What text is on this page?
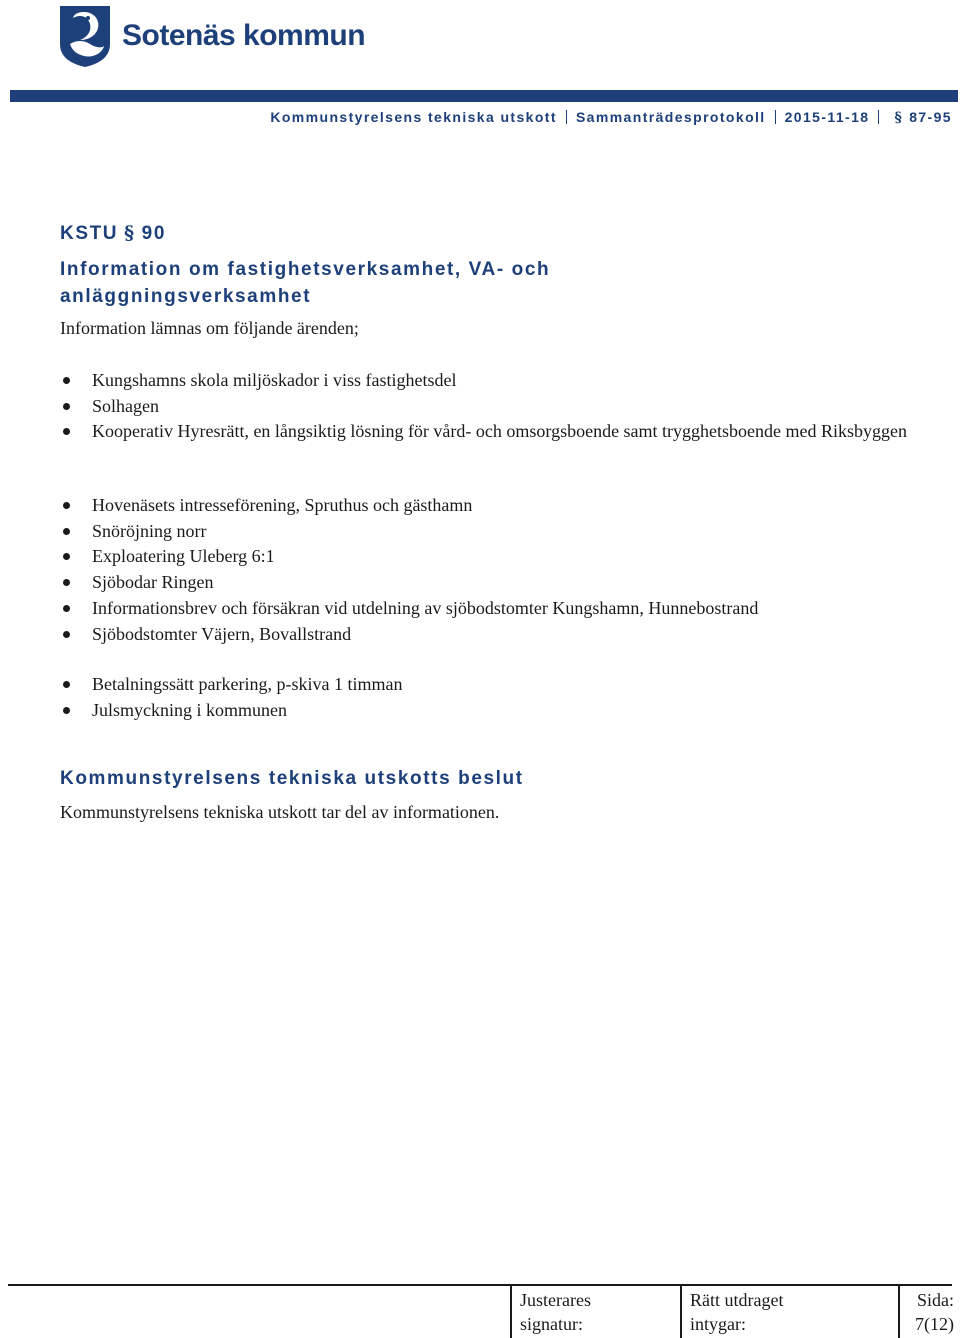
Sotenäs kommun
Kommunstyrelsens tekniska utskott Sammanträdesprotokoll 2015-11-18 § 87-95
KSTU § 90
Information om fastighetsverksamhet, VA- och anläggningsverksamhet
Information lämnas om följande ärenden;
Kungshamns skola miljöskador i viss fastighetsdel
Solhagen
Kooperativ Hyresrätt, en långsiktig lösning för vård- och omsorgsboende samt trygghetsboende med Riksbyggen
Hovenäsets intresseförening, Spruthus och gästhamn
Snöröjning norr
Exploatering Uleberg 6:1
Sjöbodar Ringen
Informationsbrev och försäkran vid utdelning av sjöbodstomter Kungshamn, Hunnebostrand
Sjöbodstomter Väjern, Bovallstrand
Betalningssätt parkering, p-skiva 1 timman
Julsmyckning i kommunen
Kommunstyrelsens tekniska utskotts beslut
Kommunstyrelsens tekniska utskott tar del av informationen.
Justerares
signatur:
Rätt utdraget
intygar:
Sida:
7(12)
